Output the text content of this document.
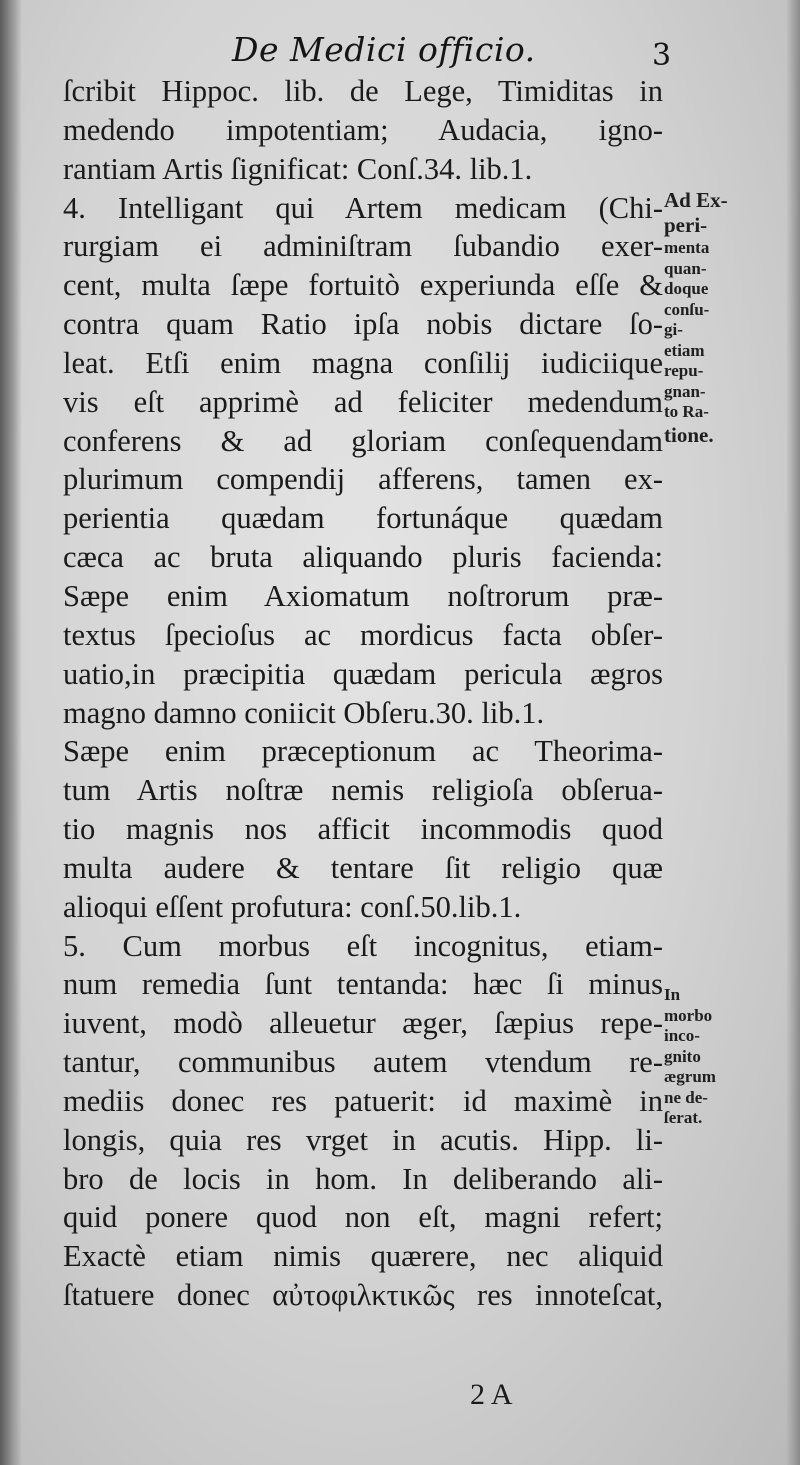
De Medici officio.	3
ſcribit Hippoc. lib. de Lege, Timiditas in
medendo impotentiam; Audacia, igno-
rantiam Artis ſignificat: Conſ.34. lib.1.
4. Intelligant qui Artem medicam (Chi-
rurgiam ei adminiſtram ſubandio exer-
cent, multa ſæpe fortuitò experiunda eſſe &
contra quam Ratio ipſa nobis dictare ſo-
leat. Etſi enim magna conſilij iudiciique
vis eſt apprimè ad feliciter medendum
conferens & ad gloriam conſequendam
plurimum compendij afferens, tamen ex-
perientia quædam fortunáque quædam
cæca ac bruta aliquando pluris facienda:
Sæpe enim Axiomatum noſtrorum præ-
textus ſpecioſus ac mordicus facta obſer-
uatio,in præcipitia quædam pericula ægros
magno damno coniicit Obſeru.30. lib.1.
Sæpe enim præceptionum ac Theorima-
tum Artis noſtræ nemis religioſa obſerua-
tio magnis nos afficit incommodis quod
multa audere & tentare ſit religio quæ
alioqui eſſent profutura: conſ.50.lib.1.
5. Cum morbus eſt incognitus, etiam-
num remedia ſunt tentanda: hæc ſi minus
iuvent, modò alleuetur æger, ſæpius repe-
tantur, communibus autem vtendum re-
mediis donec res patuerit: id maximè in
longis, quia res vrget in acutis. Hipp. li-
bro de locis in hom. In deliberando ali-
quid ponere quod non eſt, magni refert;
Exactè etiam nimis quærere, nec aliquid
ſtatuere donec αὐτοφιλκτικῶς res innoteſcat,
Ad Ex-
peri-
menta
quan-
doque
conſu-
gi-
etiam
repu-
gnan-
to Ra-
tione.
In
morbo
inco-
gnito
ægrum
ne de-
ſerat.
2 A
